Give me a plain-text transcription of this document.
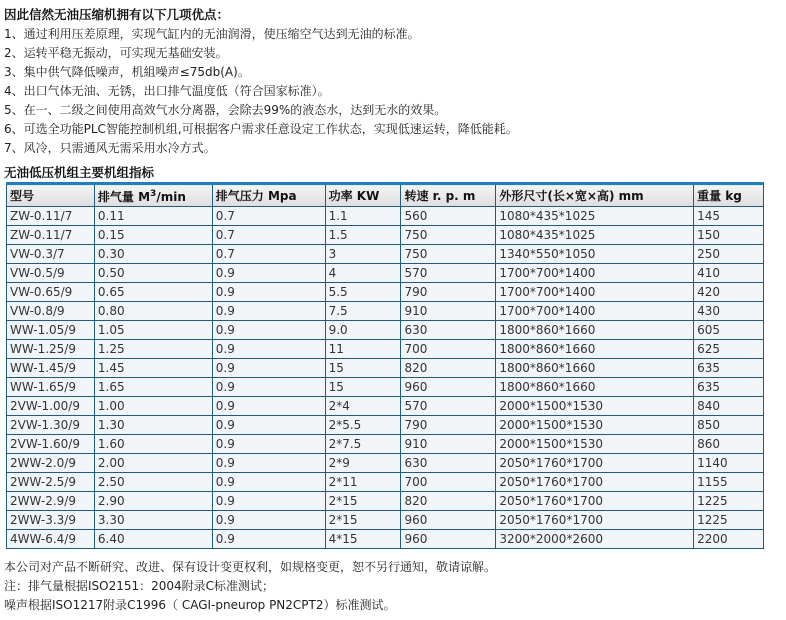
因此信然无油压缩机拥有以下几项优点：
1、通过利用压差原理，实现气缸内的无油润滑，使压缩空气达到无油的标准。
2、运转平稳无振动，可实现无基础安装。
3、集中供气降低噪声，机組噪声≤75db(A)。
4、出口气体无油、无锈，出口排气温度低（符合国家标准）。
5、在一、二级之间使用高效气水分离器，会除去99%的液态水，达到无水的效果。
6、可选全功能PLC智能控制机组,可根据客户需求任意设定工作状态，实现低速运转，降低能耗。
7、风冷，只需通风无需采用水冷方式。
无油低压机组主要机组指标
型号	排气量 $M^3/\min$	排气压力 Mpa	功率 KW	转速 r. p. m	外形尺寸(长×宽×高) mm	重量 kg
ZW-0.11/7	0.11	0.7	1.1	560	1080*435*1025	145
ZW-0.11/7	0.15	0.7	1.5	750	1080*435*1025	150
VW-0.3/7	0.30	0.7	3	750	1340*550*1050	250
VW-0.5/9	0.50	0.9	4	570	1700*700*1400	410
VW-0.65/9	0.65	0.9	5.5	790	1700*700*1400	420
VW-0.8/9	0.80	0.9	7.5	910	1700*700*1400	430
WW-1.05/9	1.05	0.9	9.0	630	1800*860*1660	605
WW-1.25/9	1.25	0.9	11	700	1800*860*1660	625
WW-1.45/9	1.45	0.9	15	820	1800*860*1660	635
WW-1.65/9	1.65	0.9	15	960	1800*860*1660	635
2VW-1.00/9	1.00	0.9	2*4	570	2000*1500*1530	840
2VW-1.30/9	1.30	0.9	2*5.5	790	2000*1500*1530	850
2VW-1.60/9	1.60	0.9	2*7.5	910	2000*1500*1530	860
2WW-2.0/9	2.00	0.9	2*9	630	2050*1760*1700	1140
2WW-2.5/9	2.50	0.9	2*11	700	2050*1760*1700	1155
2WW-2.9/9	2.90	0.9	2*15	820	2050*1760*1700	1225
2WW-3.3/9	3.30	0.9	2*15	960	2050*1760*1700	1225
4WW-6.4/9	6.40	0.9	4*15	960	3200*2000*2600	2200
本公司对产品不断研究、改进、保有设计变更权利，如规格变更，恕不另行通知，敬请谅解。
注：排气量根据ISO2151：2004附录C标准测试；
噪声根据ISO1217附录C1996（ CAGI-pneurop PN2CPT2）标准测试。
